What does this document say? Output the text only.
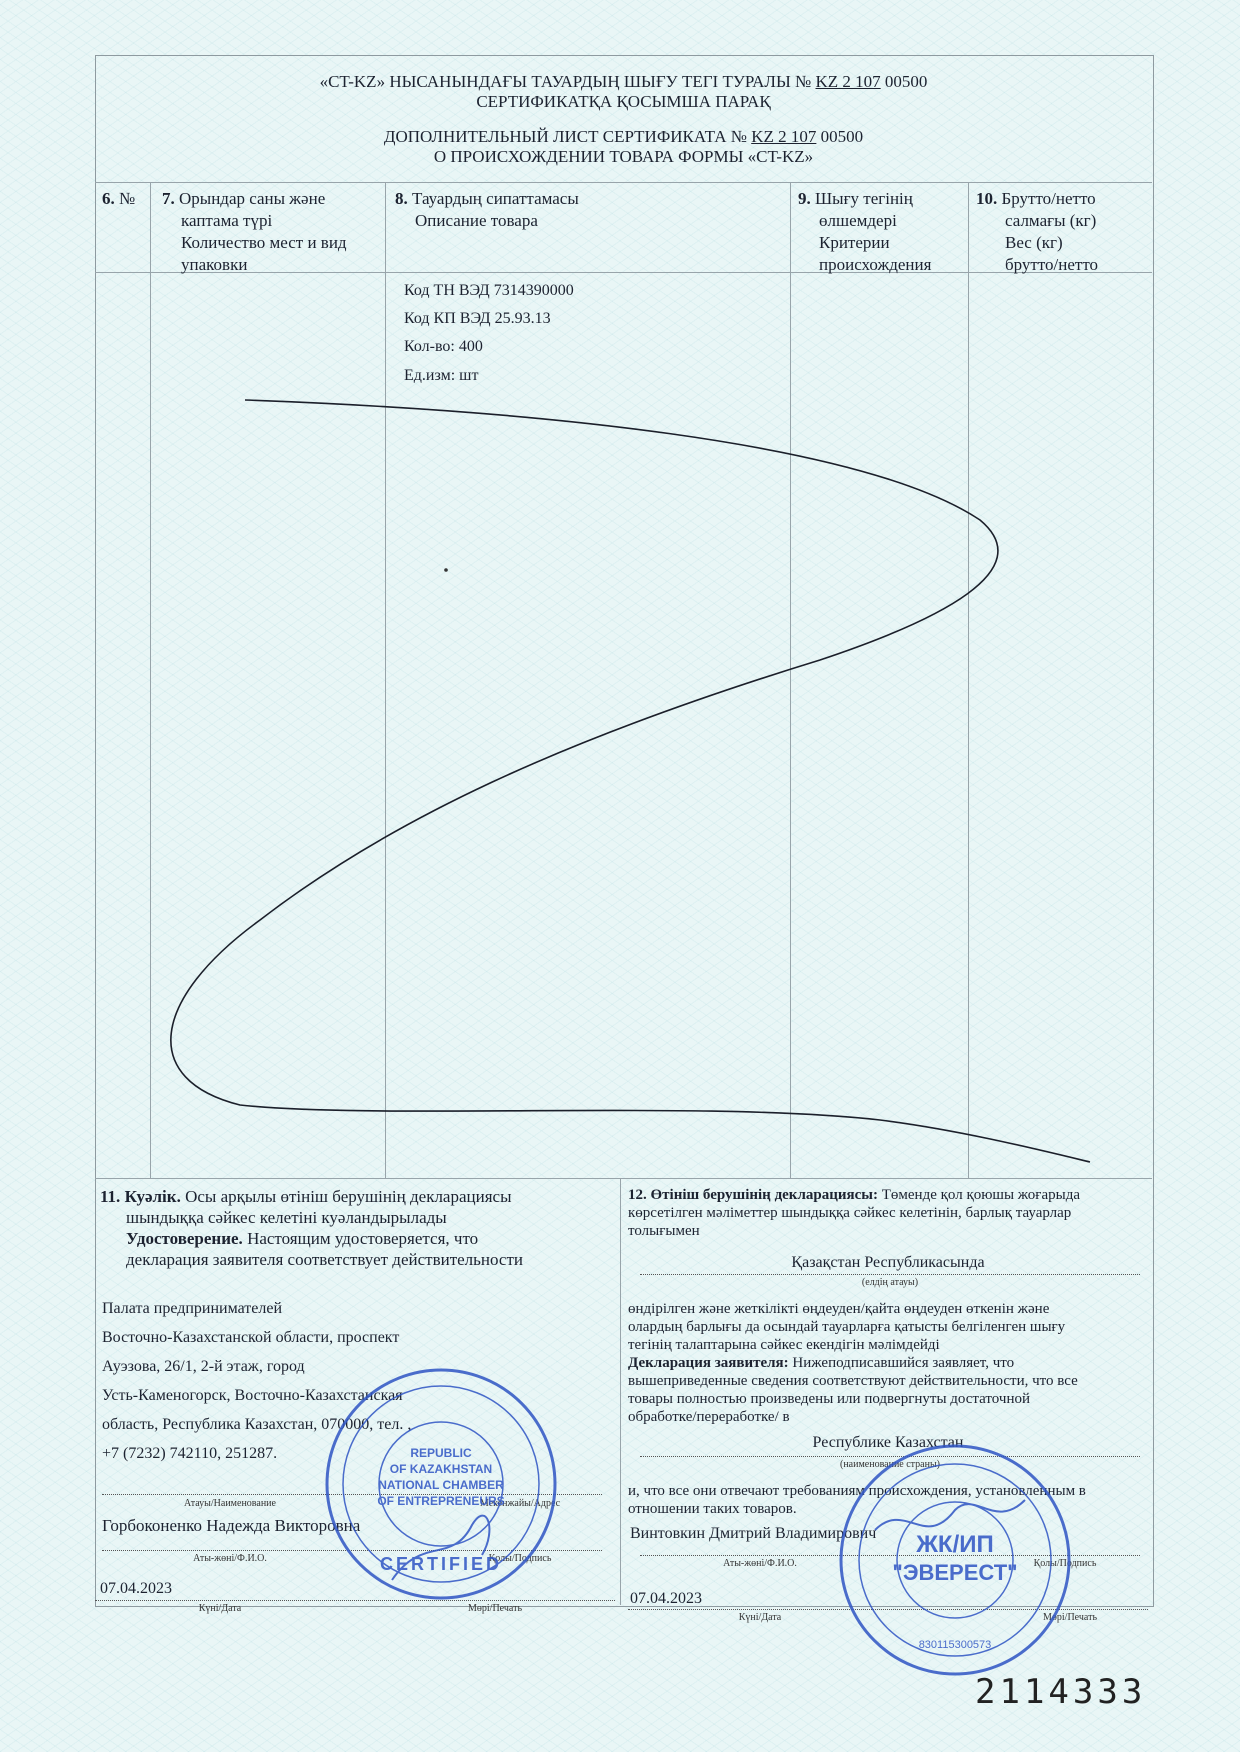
«CT-KZ» НЫСАНЫНДАҒЫ ТАУАРДЫҢ ШЫҒУ ТЕГІ ТУРАЛЫ № KZ 2 107 00500
СЕРТИФИКАТҚА ҚОСЫМША ПАРАҚ
ДОПОЛНИТЕЛЬНЫЙ ЛИСТ СЕРТИФИКАТА № KZ 2 107 00500
О ПРОИСХОЖДЕНИИ ТОВАРА ФОРМЫ «CT-KZ»
6. № 7. Орындар саны және
каптама түрі
Количество мест и вид
упаковки
8. Тауардың сипаттамасы
Описание товара
9. Шығу тегінің
өлшемдері
Критерии
происхождения
10. Брутто/нетто
салмағы (кг)
Вес (кг)
брутто/нетто
Код ТН ВЭД 7314390000
Код КП ВЭД 25.93.13
Кол-во: 400
Ед.изм: шт
11. Куәлік. Осы арқылы өтініш берушінің декларациясы
шындыққа сәйкес келетіні куәландырылады
Удостоверение. Настоящим удостоверяется, что
декларация заявителя соответствует действительности
Палата предпринимателей
Восточно-Казахстанской области, проспект
Ауэзова, 26/1, 2-й этаж, город
Усть-Каменогорск, Восточно-Казахстанская
область, Республика Казахстан, 070000, тел. ,
+7 (7232) 742110, 251287.
Атауы/Наименование	Мекенжайы/Адрес
Горбоконенко Надежда Викторовна
Аты-жөні/Ф.И.О.	Қолы/Подпись
07.04.2023
Күні/Дата	Мөрі/Печать
REPUBLIC
OF KAZAKHSTAN
NATIONAL CHAMBER
OF ENTREPRENEURS
CERTIFIED
12. Өтініш берушінің декларациясы: Төменде қол қоюшы жоғарыда
көрсетілген мәліметтер шындыққа сәйкес келетінін, барлық тауарлар
толығымен
Қазақстан Республикасында
(елдің атауы)
өндірілген және жеткілікті өңдеуден/қайта өңдеуден өткенін және
олардың барлығы да осындай тауарларға қатысты белгіленген шығу
тегінің талаптарына сәйкес екендігін мәлімдейді
Декларация заявителя: Нижеподписавшийся заявляет, что
вышеприведенные сведения соответствуют действительности, что все
товары полностью произведены или подвергнуты достаточной
обработке/переработке/ в
Республике Казахстан
(наименование страны)
и, что все они отвечают требованиям происхождения, установленным в
отношении таких товаров.
Винтовкин Дмитрий Владимирович
Аты-жөні/Ф.И.О.	Қолы/Подпись
07.04.2023
Күні/Дата	Мөрі/Печать
ЖК/ИП
"ЭВЕРЕСТ"
830115300573
2114333
